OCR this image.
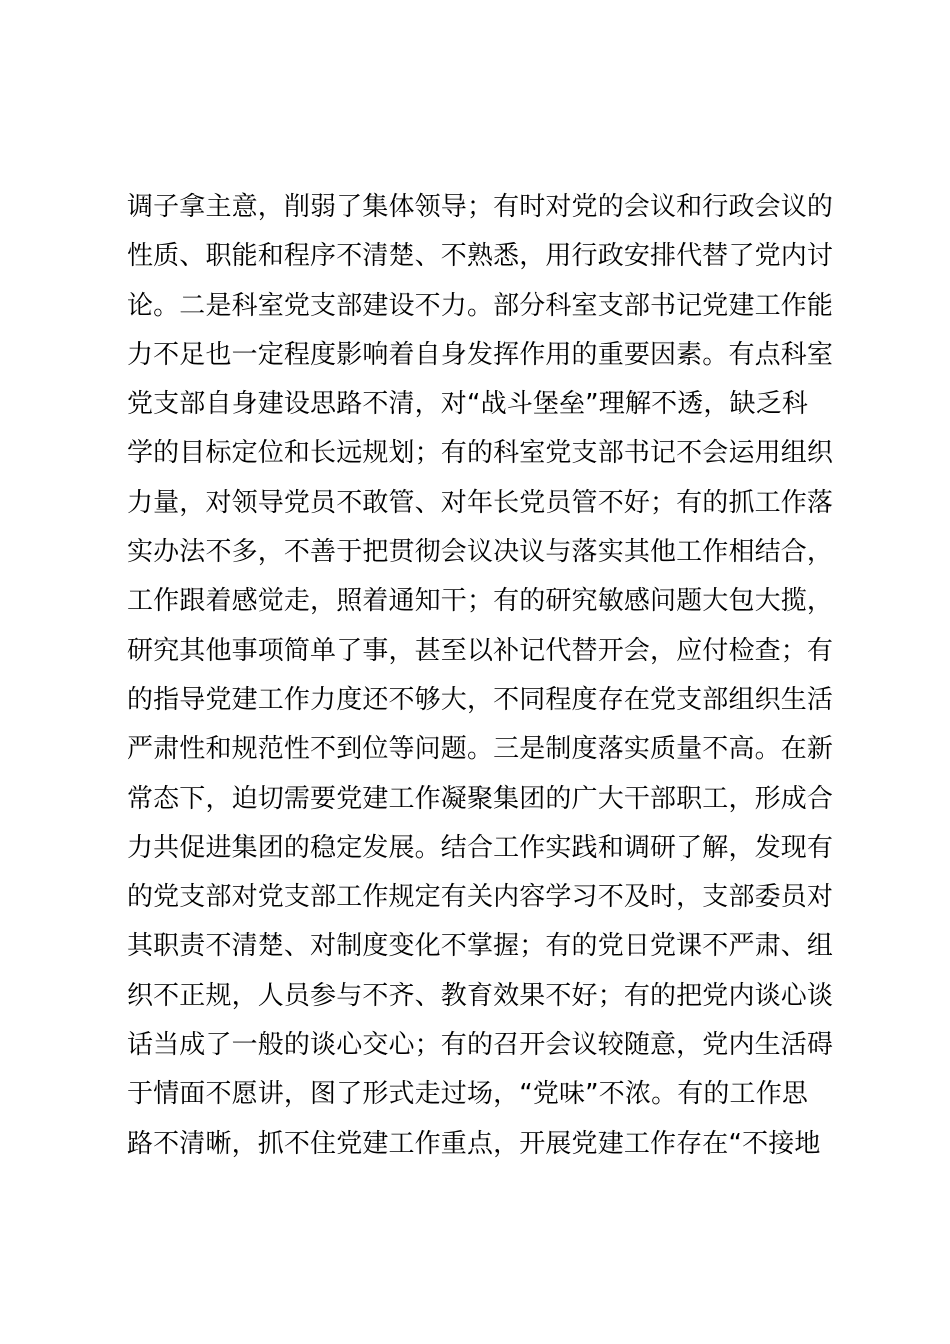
调子拿主意，削弱了集体领导；有时对党的会议和行政会议的
性质、职能和程序不清楚、不熟悉，用行政安排代替了党内讨
论。二是科室党支部建设不力。部分科室支部书记党建工作能
力不足也一定程度影响着自身发挥作用的重要因素。有点科室
党支部自身建设思路不清，对“战斗堡垒”理解不透，缺乏科
学的目标定位和长远规划；有的科室党支部书记不会运用组织
力量，对领导党员不敢管、对年长党员管不好；有的抓工作落
实办法不多，不善于把贯彻会议决议与落实其他工作相结合，
工作跟着感觉走，照着通知干；有的研究敏感问题大包大揽，
研究其他事项简单了事，甚至以补记代替开会，应付检查；有
的指导党建工作力度还不够大，不同程度存在党支部组织生活
严肃性和规范性不到位等问题。三是制度落实质量不高。在新
常态下，迫切需要党建工作凝聚集团的广大干部职工，形成合
力共促进集团的稳定发展。结合工作实践和调研了解，发现有
的党支部对党支部工作规定有关内容学习不及时，支部委员对
其职责不清楚、对制度变化不掌握；有的党日党课不严肃、组
织不正规，人员参与不齐、教育效果不好；有的把党内谈心谈
话当成了一般的谈心交心；有的召开会议较随意，党内生活碍
于情面不愿讲，图了形式走过场，“党味”不浓。有的工作思
路不清晰，抓不住党建工作重点，开展党建工作存在“不接地
